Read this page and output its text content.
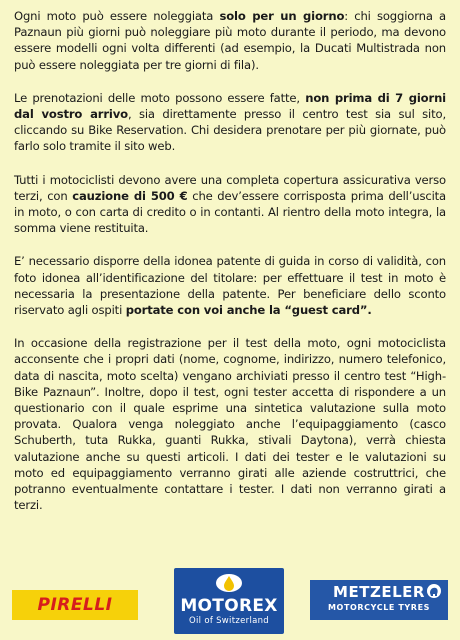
Ogni moto può essere noleggiata solo per un giorno: chi soggiorna a Paznaun più giorni può noleggiare più moto durante il periodo, ma devono essere modelli ogni volta differenti (ad esempio, la Ducati Multistrada non può essere noleggiata per tre giorni di fila).

Le prenotazioni delle moto possono essere fatte, non prima di 7 giorni dal vostro arrivo, sia direttamente presso il centro test sia sul sito, cliccando su Bike Reservation. Chi desidera prenotare per più giornate, può farlo solo tramite il sito web.

Tutti i motociclisti devono avere una completa copertura assicurativa verso terzi, con cauzione di 500 € che dev’essere corrisposta prima dell’uscita in moto, o con carta di credito o in contanti. Al rientro della moto integra, la somma viene restituita.

E’ necessario disporre della idonea patente di guida in corso di validità, con foto idonea all’identificazione del titolare: per effettuare il test in moto è necessaria la presentazione della patente. Per beneficiare dello sconto riservato agli ospiti portate con voi anche la “guest card”.

In occasione della registrazione per il test della moto, ogni motociclista acconsente che i propri dati (nome, cognome, indirizzo, numero telefonico, data di nascita, moto scelta) vengano archiviati presso il centro test “High-Bike Paznaun”. Inoltre, dopo il test, ogni tester accetta di rispondere a un questionario con il quale esprime una sintetica valutazione sulla moto provata. Qualora venga noleggiato anche l’equipaggiamento (casco Schuberth, tuta Rukka, guanti Rukka, stivali Daytona), verrà chiesta valutazione anche su questi articoli. I dati dei tester e le valutazioni su moto ed equipaggiamento verranno girati alle aziende costruttrici, che potranno eventualmente contattare i tester. I dati non verranno girati a terzi.

PIRELLI	MOTOREX
Oil of Switzerland
METZELER
MOTORCYCLE TYRES
